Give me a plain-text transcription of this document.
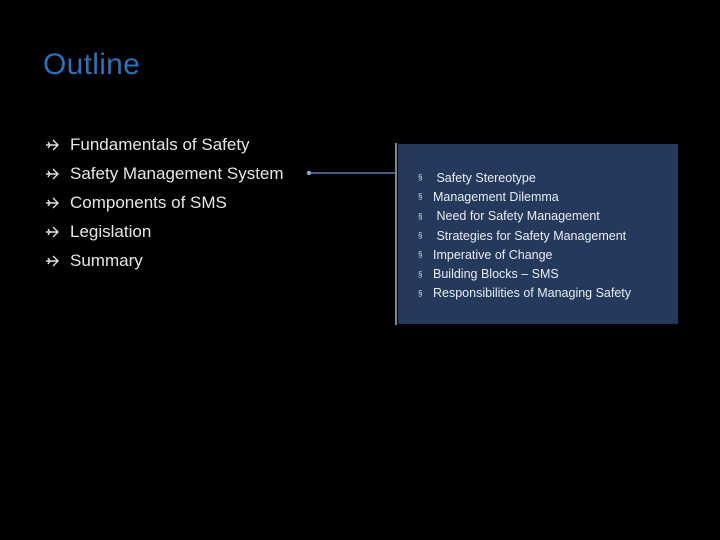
Outline
Fundamentals of Safety
Safety Management System
Components of SMS
Legislation
Summary
§ Safety Stereotype
§ Management Dilemma
§ Need for Safety Management
§ Strategies for Safety Management
§ Imperative of Change
§ Building Blocks – SMS
§ Responsibilities of Managing Safety
